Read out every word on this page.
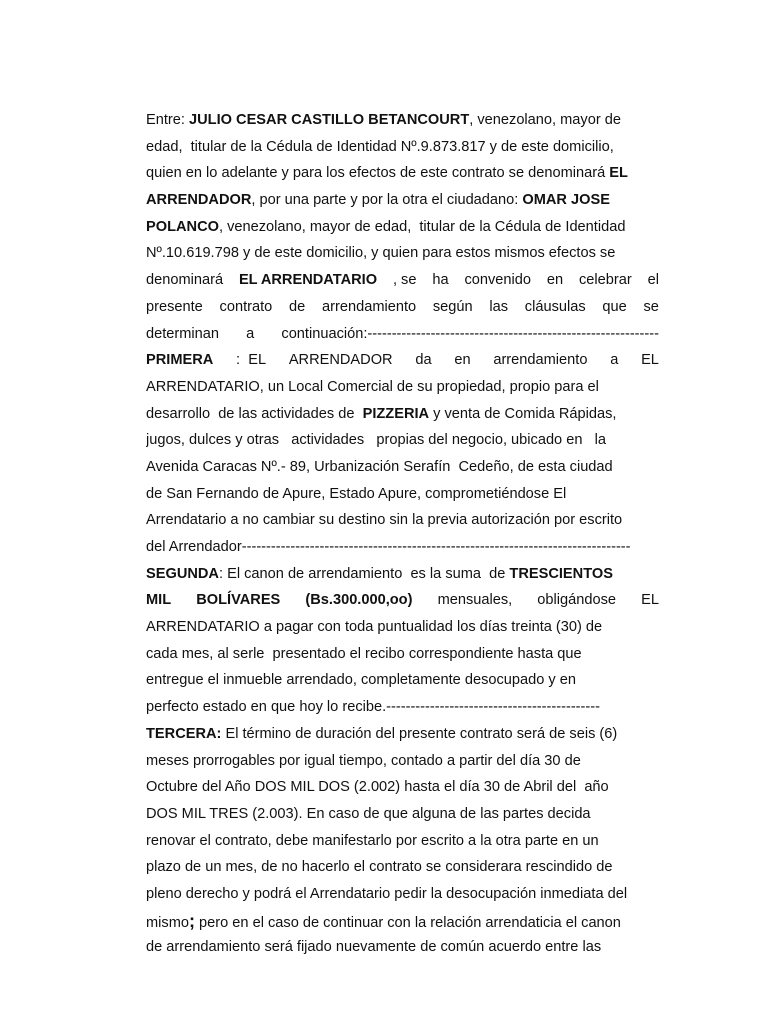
Entre: JULIO CESAR CASTILLO BETANCOURT, venezolano, mayor de
edad,  titular de la Cédula de Identidad Nº.9.873.817 y de este domicilio,
quien en lo adelante y para los efectos de este contrato se denominará EL
ARRENDADOR, por una parte y por la otra el ciudadano: OMAR JOSE
POLANCO, venezolano, mayor de edad,  titular de la Cédula de Identidad
Nº.10.619.798 y de este domicilio, y quien para estos mismos efectos se
denominará EL ARRENDATARIO , se ha convenido en celebrar el
presente contrato de arrendamiento según las cláusulas que se
determinan a continuación:------------------------------------------------------------
PRIMERA :  EL ARRENDADOR da en arrendamiento a EL
ARRENDATARIO, un Local Comercial de su propiedad, propio para el
desarrollo  de las actividades de  PIZZERIA y venta de Comida Rápidas,
jugos, dulces y otras   actividades   propias del negocio, ubicado en   la
Avenida Caracas Nº.- 89, Urbanización Serafín  Cedeño, de esta ciudad
de San Fernando de Apure, Estado Apure, comprometiéndose El
Arrendatario a no cambiar su destino sin la previa autorización por escrito
del Arrendador--------------------------------------------------------------------------------
SEGUNDA: El canon de arrendamiento  es la suma  de TRESCIENTOS
MIL BOLÍVARES (Bs.300.000,oo) mensuales, obligándose EL
ARRENDATARIO a pagar con toda puntualidad los días treinta (30) de
cada mes, al serle  presentado el recibo correspondiente hasta que
entregue el inmueble arrendado, completamente desocupado y en
perfecto estado en que hoy lo recibe.--------------------------------------------
TERCERA: El término de duración del presente contrato será de seis (6)
meses prorrogables por igual tiempo, contado a partir del día 30 de
Octubre del Año DOS MIL DOS (2.002) hasta el día 30 de Abril del  año
DOS MIL TRES (2.003). En caso de que alguna de las partes decida
renovar el contrato, debe manifestarlo por escrito a la otra parte en un
plazo de un mes, de no hacerlo el contrato se considerara rescindido de
pleno derecho y podrá el Arrendatario pedir la desocupación inmediata del
mismo; pero en el caso de continuar con la relación arrendaticia el canon
de arrendamiento será fijado nuevamente de común acuerdo entre las
